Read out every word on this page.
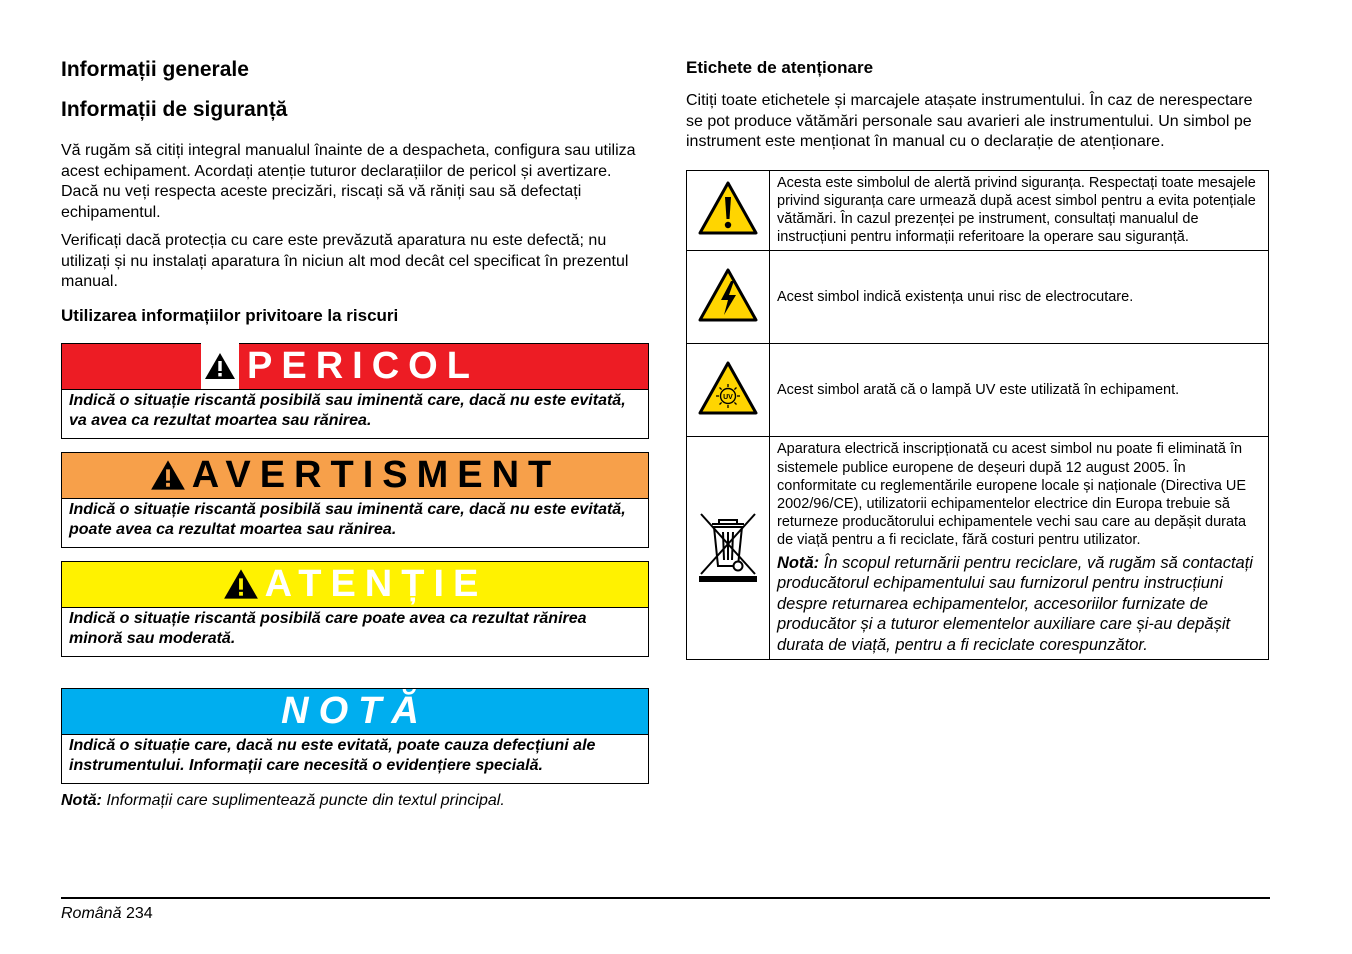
Informații generale
Informații de siguranță

Vă rugăm să citiți integral manualul înainte de a despacheta, configura sau utiliza acest echipament. Acordați atenție tuturor declarațiilor de pericol și avertizare. Dacă nu veți respecta aceste precizări, riscați să vă răniți sau să defectați echipamentul.

Verificați dacă protecția cu care este prevăzută aparatura nu este defectă; nu utilizați și nu instalați aparatura în niciun alt mod decât cel specificat în prezentul manual.

Utilizarea informațiilor privitoare la riscuri
PERICOL
Indică o situație riscantă posibilă sau iminentă care, dacă nu este evitată, va avea ca rezultat moartea sau rănirea.
AVERTISMENT
Indică o situație riscantă posibilă sau iminentă care, dacă nu este evitată, poate avea ca rezultat moartea sau rănirea.
ATENȚIE
Indică o situație riscantă posibilă care poate avea ca rezultat rănirea minoră sau moderată.
NOTĂ
Indică o situație care, dacă nu este evitată, poate cauza defecțiuni ale instrumentului. Informații care necesită o evidențiere specială.
Notă: Informații care suplimentează puncte din textul principal.
Etichete de atenționare

Citiți toate etichetele și marcajele atașate instrumentului. În caz de nerespectare se pot produce vătămări personale sau avarieri ale instrumentului. Un simbol pe instrument este menționat în manual cu o declarație de atenționare.

	Acesta este simbolul de alertă privind siguranța. Respectați toate mesajele privind siguranța care urmează după acest simbol pentru a evita potențiale vătămări. În cazul prezenței pe instrument, consultați manualul de instrucțiuni pentru informații referitoare la operare sau siguranță.
	Acest simbol indică existența unui risc de electrocutare.

UV	Acest simbol arată că o lampă UV este utilizată în echipament.

Aparatura electrică inscripționată cu acest simbol nu poate fi eliminată în sistemele publice europene de deșeuri după 12 august 2005. În conformitate cu reglementările europene locale și naționale (Directiva UE 2002/96/CE), utilizatorii echipamentelor electrice din Europa trebuie să returneze producătorului echipamentele vechi sau care au depășit durata de viață pentru a fi reciclate, fără costuri pentru utilizator.
Notă: În scopul returnării pentru reciclare, vă rugăm să contactați producătorul echipamentului sau furnizorul pentru instrucțiuni despre returnarea echipamentelor, accesoriilor furnizate de producător și a tuturor elementelor auxiliare care și-au depășit durata de viață, pentru a fi reciclate corespunzător.
Română 234
